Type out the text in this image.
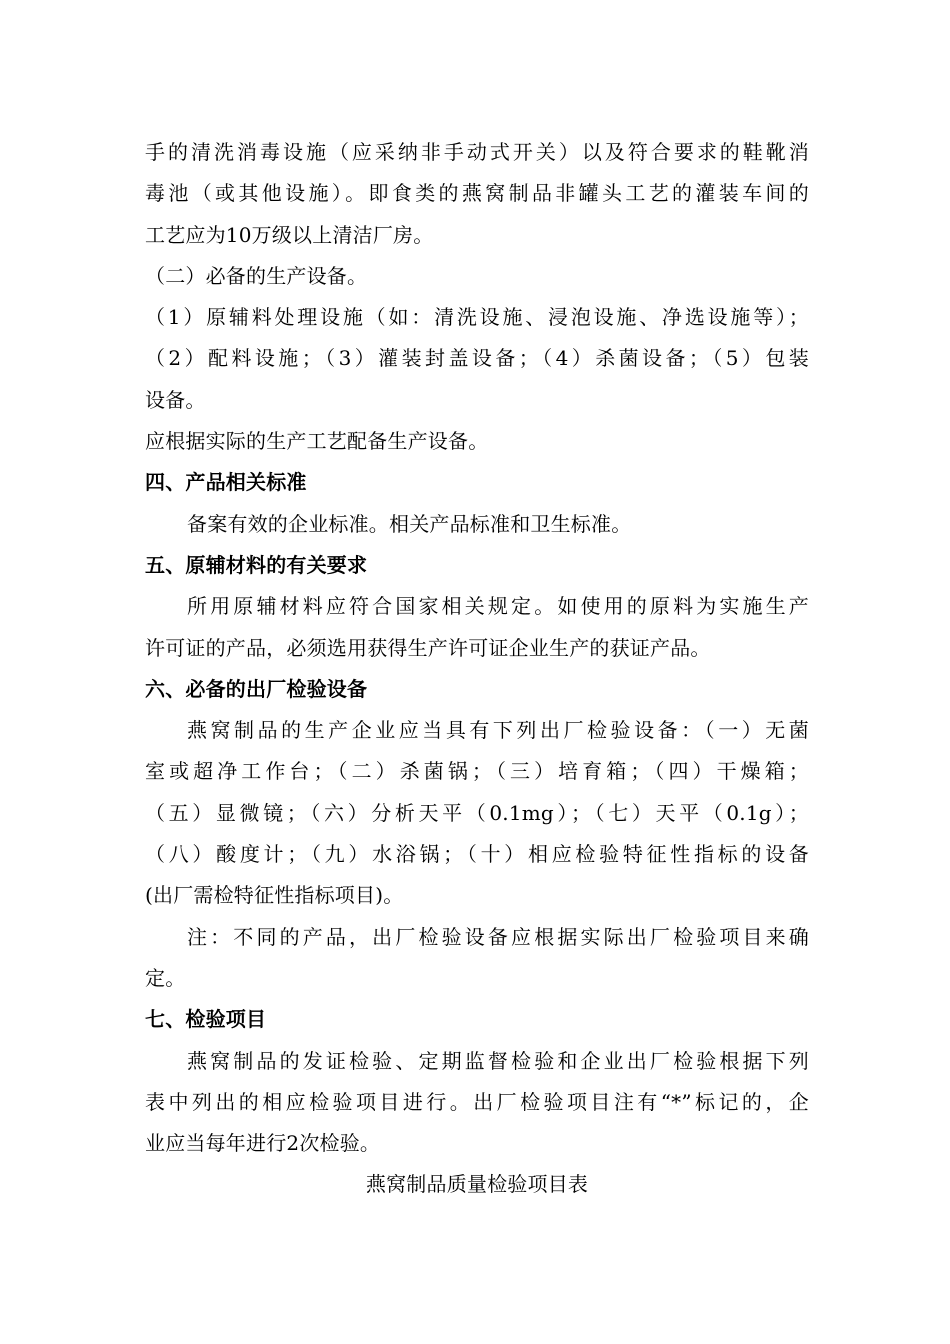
手的清洗消毒设施（应采纳非手动式开关）以及符合要求的鞋靴消
毒池（或其他设施）。即食类的燕窝制品非罐头工艺的灌装车间的
工艺应为10万级以上清洁厂房。
（二）必备的生产设备。
（1）原辅料处理设施（如：清洗设施、浸泡设施、净选设施等）；
（2）配料设施；（3）灌装封盖设备；（4）杀菌设备；（5）包装
设备。
应根据实际的生产工艺配备生产设备。
四、产品相关标准
备案有效的企业标准。相关产品标准和卫生标准。
五、原辅材料的有关要求
所用原辅材料应符合国家相关规定。如使用的原料为实施生产
许可证的产品，必须选用获得生产许可证企业生产的获证产品。
六、必备的出厂检验设备
燕窝制品的生产企业应当具有下列出厂检验设备：（一）无菌
室或超净工作台；（二）杀菌锅；（三）培育箱；（四）干燥箱；
（五）显微镜；（六）分析天平（0.1mg）；（七）天平（0.1g）；
（八）酸度计；（九）水浴锅；（十）相应检验特征性指标的设备
(出厂需检特征性指标项目)。
注：不同的产品，出厂检验设备应根据实际出厂检验项目来确
定。
七、检验项目
燕窝制品的发证检验、定期监督检验和企业出厂检验根据下列
表中列出的相应检验项目进行。出厂检验项目注有“*”标记的，企
业应当每年进行2次检验。
燕窝制品质量检验项目表
